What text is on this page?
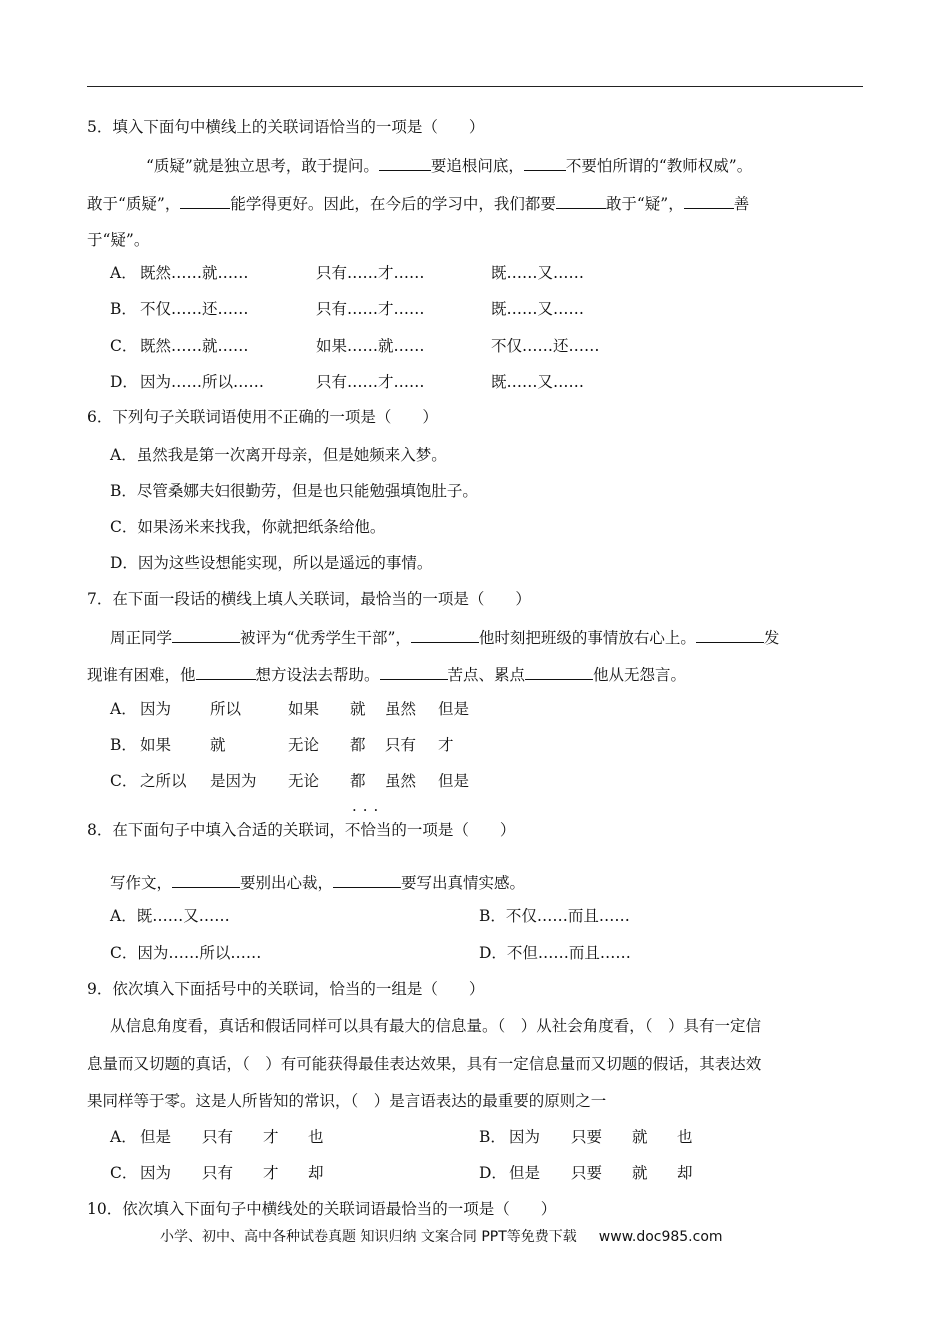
5．填入下面句中横线上的关联词语恰当的一项是（　　）
“质疑”就是独立思考，敢于提问。	要追根问底，	不要怕所谓的“教师权威”。
敢于“质疑”，	能学得更好。因此，在今后的学习中，我们都要	敢于“疑”，	善
于“疑”。
A． 既然……就……	只有……才……	既……又……
B． 不仅……还……	只有……才……	既……又……
C． 既然……就……	如果……就……	不仅……还……
D． 因为……所以……	只有……才……	既……又……
6．下列句子关联词语使用不正确的一项是（　　）
A．虽然我是第一次离开母亲，但是她频来入梦。
B．尽管桑娜夫妇很勤劳，但是也只能勉强填饱肚子。
C．如果汤米来找我，你就把纸条给他。
D．因为这些设想能实现，所以是遥远的事情。
7．在下面一段话的横线上填人关联词，最恰当的一项是（　　）
周正同学	被评为“优秀学生干部”，	他时刻把班级的事情放右心上。	发
现谁有困难，他	想方设法去帮助。	苦点、累点	他从无怨言。
A． 因为	所以	如果 就 虽然 但是
B． 如果	就	无论 都 只有 才
C． 之所以 是因为 无论 都 虽然 但是
8．在下面句子中填入合适的关联词，
···
不恰当的一项是（　　）
写作文，	要别出心裁，	要写出真情实感。
A．既……又……	B．不仅……而且……
C．因为……所以……	D．不但……而且……
9．依次填入下面括号中的关联词，恰当的一组是（　　）
从信息角度看，真话和假话同样可以具有最大的信息量。（　）从社会角度看，（　）具有一定信
息量而又切题的真话，（　）有可能获得最佳表达效果，具有一定信息量而又切题的假话，其表达效
果同样等于零。这是人所皆知的常识，（　）是言语表达的最重要的原则之一
A． 但是 只有 才 也	B． 因为 只要 就 也
C． 因为 只有 才 却	D． 但是 只要 就 却
10．依次填入下面句子中横线处的关联词语最恰当的一项是（　　）
小学、初中、高中各种试卷真题 知识归纳 文案合同 PPT等免费下载 www.doc985.com
